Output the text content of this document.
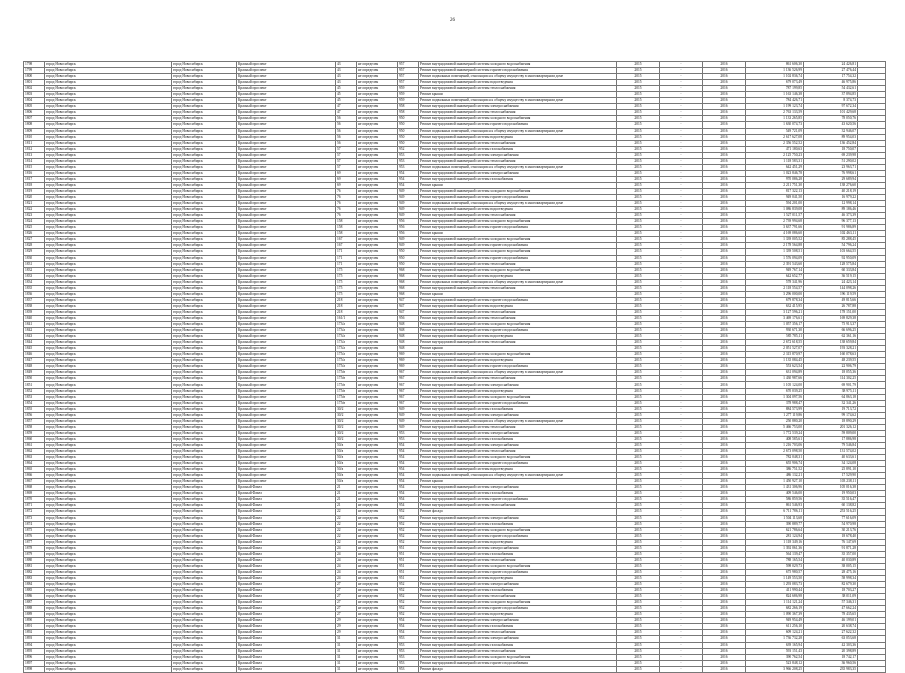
26
1798	город Новосибирск	город Новосибирск	Красный проспект	43	не определен	957	Ремонт внутридомовой инженерной системы холодного водоснабжения	2015	-	2016	861 606,30	24 426,81	
1799	город Новосибирск	город Новосибирск	Красный проспект	43	не определен	957	Ремонт внутридомовой инженерной системы горячего водоснабжения	2015	-	2016	1 136 526,99	27 476,44	
1800	город Новосибирск	город Новосибирск	Красный проспект	43	не определен	957	Ремонт подвальных помещений, относящихся к общему имуществу в многоквартирном доме	2015	-	2016	1 102 836,74	17 754,32	
1801	город Новосибирск	город Новосибирск	Красный проспект	43	не определен	957	Ремонт внутридомовой инженерной системы водоотведения	2015	-	2016	679 073,49	46 975,86	
1802	город Новосибирск	город Новосибирск	Красный проспект	45	не определен	959	Ремонт внутридомовой инженерной системы теплоснабжения	2015	-	2016	787 199,85	54 432,61	
1803	город Новосибирск	город Новосибирск	Красный проспект	45	не определен	959	Ремонт крыши	2015	-	2016	1 163 146,38	37 894,85	
1804	город Новосибирск	город Новосибирск	Красный проспект	45	не определен	959	Ремонт подвальных помещений, относящихся к общему имуществу в многоквартирном доме	2015	-	2016	784 426,71	8 374,73	
1805	город Новосибирск	город Новосибирск	Красный проспект	47	не определен	958	Ремонт внутридомовой инженерной системы электроснабжения	2015	-	2016	1 199 123,74	97 672,34	
1806	город Новосибирск	город Новосибирск	Красный проспект	47	не определен	958	Ремонт внутридомовой инженерной системы теплоснабжения	2015	-	2016	2 763 133,59	101 429,68	
1807	город Новосибирск	город Новосибирск	Красный проспект	56	не определен	950	Ремонт внутридомовой инженерной системы холодного водоснабжения	2015	-	2016	1 133 265,85	78 050,76	
1808	город Новосибирск	город Новосибирск	Красный проспект	56	не определен	950	Ремонт внутридомовой инженерной системы горячего водоснабжения	2015	-	2016	1 630 074,73	43 620,56	
1809	город Новосибирск	город Новосибирск	Красный проспект	56	не определен	950	Ремонт подвальных помещений, относящихся к общему имуществу в многоквартирном доме	2015	-	2016	549 721,09	32 946,07	
1810	город Новосибирск	город Новосибирск	Красный проспект	56	не определен	950	Ремонт внутридомовой инженерной системы водоотведения	2015	-	2016	2 617 627,08	89 954,03	
1811	город Новосибирск	город Новосибирск	Красный проспект	56	не определен	950	Ремонт внутридомовой инженерной системы теплоснабжения	2015	-	2016	2 356 552,52	136 452,84	
1812	город Новосибирск	город Новосибирск	Красный проспект	57	не определен	952	Ремонт внутридомовой инженерной системы газоснабжения	2015	-	2016	471 180,63	18 750,07	
1813	город Новосибирск	город Новосибирск	Красный проспект	57	не определен	953	Ремонт внутридомовой инженерной системы электроснабжения	2015	-	2016	2 125 750,23	69 239,98	
1814	город Новосибирск	город Новосибирск	Красный проспект	57	не определен	953	Ремонт внутридомовой инженерной системы теплоснабжения	2015	-	2016	1 118 583,31	51 290,02	
1815	город Новосибирск	город Новосибирск	Красный проспект	57	не определен	953	Ремонт подвальных помещений, относящихся к общему имуществу в многоквартирном доме	2015	-	2016	642 451,29	23 963,71	
1816	город Новосибирск	город Новосибирск	Красный проспект	69	не определен	954	Ремонт внутридомовой инженерной системы электроснабжения	2015	-	2016	1 023 846,78	76 998,61	
1817	город Новосибирск	город Новосибирск	Красный проспект	69	не определен	954	Ремонт внутридомовой инженерной системы газоснабжения	2015	-	2016	970 086,28	29 689,94	
1818	город Новосибирск	город Новосибирск	Красный проспект	69	не определен	954	Ремонт крыши	2015	-	2016	2 211 751,30	138 276,60	
1819	город Новосибирск	город Новосибирск	Красный проспект	76	не определен	949	Ремонт внутридомовой инженерной системы холодного водоснабжения	2015	-	2016	817 322,13	40 218,19	
1820	город Новосибирск	город Новосибирск	Красный проспект	76	не определен	949	Ремонт внутридомовой инженерной системы горячего водоснабжения	2015	-	2016	949 041,50	16 979,22	
1821	город Новосибирск	город Новосибирск	Красный проспект	76	не определен	949	Ремонт подвальных помещений, относящихся к общему имуществу в многоквартирном доме	2015	-	2016	594 201,00	12 998,14	
1822	город Новосибирск	город Новосибирск	Красный проспект	76	не определен	949	Ремонт внутридомовой инженерной системы водоотведения	2015	-	2016	1 086 839,08	89 186,46	
1823	город Новосибирск	город Новосибирск	Красный проспект	76	не определен	949	Ремонт внутридомовой инженерной системы теплоснабжения	2015	-	2016	1 527 011,57	46 373,39	
1824	город Новосибирск	город Новосибирск	Красный проспект	158	не определен	956	Ремонт внутридомовой инженерной системы холодного водоснабжения	2015	-	2016	2 739 994,68	96 377,13	
1825	город Новосибирск	город Новосибирск	Красный проспект	158	не определен	956	Ремонт внутридомовой инженерной системы горячего водоснабжения	2015	-	2016	3 637 791,66	91 986,89	
1826	город Новосибирск	город Новосибирск	Красный проспект	158	не определен	956	Ремонт крыши	2015	-	2016	4 169 086,60	102 463,11	
1827	город Новосибирск	город Новосибирск	Красный проспект	167	не определен	949	Ремонт внутридомовой инженерной системы холодного водоснабжения	2015	-	2016	1 339 005,52	85 288,45	
1828	город Новосибирск	город Новосибирск	Красный проспект	167	не определен	949	Ремонт внутридомовой инженерной системы горячего водоснабжения	2015	-	2016	2 178 564,88	54 796,24	
1829	город Новосибирск	город Новосибирск	Красный проспект	171	не определен	950	Ремонт внутридомовой инженерной системы холодного водоснабжения	2015	-	2016	1 339 508,51	103 664,55	
1830	город Новосибирск	город Новосибирск	Красный проспект	171	не определен	950	Ремонт внутридомовой инженерной системы горячего водоснабжения	2015	-	2016	1 576 094,09	92 950,09	
1831	город Новосибирск	город Новосибирск	Красный проспект	171	не определен	950	Ремонт внутридомовой инженерной системы теплоснабжения	2015	-	2016	2 391 543,60	128 575,84	
1832	город Новосибирск	город Новосибирск	Красный проспект	175	не определен	968	Ремонт внутридомовой инженерной системы холодного водоснабжения	2015	-	2016	949 767,14	60 333,84	
1833	город Новосибирск	город Новосибирск	Красный проспект	175	не определен	968	Ремонт внутридомовой инженерной системы водоотведения	2015	-	2016	642 652,77	36 519,15	
1834	город Новосибирск	город Новосибирск	Красный проспект	175	не определен	968	Ремонт подвальных помещений, относящихся к общему имуществу в многоквартирном доме	2015	-	2016	578 341,96	24 423,14	
1835	город Новосибирск	город Новосибирск	Красный проспект	175	не определен	968	Ремонт внутридомовой инженерной системы теплоснабжения	2015	-	2016	2 118 554,57	144 098,26	
1836	город Новосибирск	город Новосибирск	Красный проспект	175	не определен	968	Ремонт крыши	2015	-	2016	3 296 000,00	196 119,59	
1837	город Новосибирск	город Новосибирск	Красный проспект	218	не определен	947	Ремонт внутридомовой инженерной системы горячего водоснабжения	2015	-	2016	679 878,34	49 815,66	
1838	город Новосибирск	город Новосибирск	Красный проспект	218	не определен	947	Ремонт внутридомовой инженерной системы водоотведения	2015	-	2016	632 415,95	26 787,88	
1839	город Новосибирск	город Новосибирск	Красный проспект	218	не определен	947	Ремонт внутридомовой инженерной системы теплоснабжения	2015	-	2016	3 127 596,21	178 151,00	
1840	город Новосибирск	город Новосибирск	Красный проспект	161/1	не определен	956	Ремонт внутридомовой инженерной системы теплоснабжения	2015	-	2016	3 469 176,61	169 829,38	
1841	город Новосибирск	город Новосибирск	Красный проспект	173/а	не определен	948	Ремонт внутридомовой инженерной системы холодного водоснабжения	2015	-	2016	1 057 356,17	75 913,37	
1842	город Новосибирск	город Новосибирск	Красный проспект	173/а	не определен	948	Ремонт внутридомовой инженерной системы горячего водоснабжения	2015	-	2016	930 671,30	66 696,25	
1843	город Новосибирск	город Новосибирск	Красный проспект	173/а	не определен	948	Ремонт внутридомовой инженерной системы водоотведения	2015	-	2016	585 785,11	62 361,16	
1844	город Новосибирск	город Новосибирск	Красный проспект	173/а	не определен	948	Ремонт внутридомовой инженерной системы теплоснабжения	2015	-	2016	2 672 618,55	138 659,84	
1845	город Новосибирск	город Новосибирск	Красный проспект	173/а	не определен	948	Ремонт крыши	2015	-	2016	2 051 527,07	193 328,21	
1846	город Новосибирск	город Новосибирск	Красный проспект	175/а	не определен	969	Ремонт внутридомовой инженерной системы холодного водоснабжения	2015	-	2016	2 315 870,97	160 078,63	
1847	город Новосибирск	город Новосибирск	Красный проспект	175/а	не определен	969	Ремонт внутридомовой инженерной системы водоотведения	2015	-	2016	1 135 084,45	48 239,55	
1848	город Новосибирск	город Новосибирск	Красный проспект	175/а	не определен	969	Ремонт внутридомовой инженерной системы горячего водоснабжения	2015	-	2016	553 623,54	22 906,79	
1849	город Новосибирск	город Новосибирск	Красный проспект	175/в	не определен	967	Ремонт подвальных помещений, относящихся к общему имуществу в многоквартирном доме	2015	-	2016	631 094,89	18 055,36	
1850	город Новосибирск	город Новосибирск	Красный проспект	175/в	не определен	967	Ремонт внутридомовой инженерной системы теплоснабжения	2015	-	2016	1 430 987,66	114 302,25	
1851	город Новосибирск	город Новосибирск	Красный проспект	175/в	не определен	967	Ремонт внутридомовой инженерной системы электроснабжения	2015	-	2016	1 105 124,00	69 901,79	
1852	город Новосибирск	город Новосибирск	Красный проспект	175/в	не определен	967	Ремонт внутридомовой инженерной системы водоотведения	2015	-	2016	670 039,25	38 975,11	
1853	город Новосибирск	город Новосибирск	Красный проспект	175/в	не определен	967	Ремонт внутридомовой инженерной системы холодного водоснабжения	2015	-	2016	1 304 097,56	64 863,18	
1854	город Новосибирск	город Новосибирск	Красный проспект	175/в	не определен	967	Ремонт внутридомовой инженерной системы горячего водоснабжения	2015	-	2016	378 988,47	32 341,26	
1855	город Новосибирск	город Новосибирск	Красный проспект	30/2	не определен	949	Ремонт внутридомовой инженерной системы газоснабжения	2015	-	2016	884 573,99	19 713,72	
1856	город Новосибирск	город Новосибирск	Красный проспект	30/2	не определен	949	Ремонт внутридомовой инженерной системы электроснабжения	2015	-	2016	1 277 119,86	99 174,62	
1857	город Новосибирск	город Новосибирск	Красный проспект	30/2	не определен	949	Ремонт подвальных помещений, относящихся к общему имуществу в многоквартирном доме	2015	-	2016	250 880,20	18 890,29	
1858	город Новосибирск	город Новосибирск	Красный проспект	30/2	не определен	949	Ремонт внутридомовой инженерной системы теплоснабжения	2015	-	2016	5 466 753,00	201 326,12	
1859	город Новосибирск	город Новосибирск	Красный проспект	30/2	не определен	953	Ремонт внутридомовой инженерной системы электроснабжения	2015	-	2016	1 772 539,24	59 809,00	
1860	город Новосибирск	город Новосибирск	Красный проспект	30/2	не определен	953	Ремонт внутридомовой инженерной системы газоснабжения	2015	-	2016	408 585,61	17 886,98	
1861	город Новосибирск	город Новосибирск	Красный проспект	50/а	не определен	954	Ремонт внутридомовой инженерной системы электроснабжения	2015	-	2016	1 216 703,06	79 546,84	
1862	город Новосибирск	город Новосибирск	Красный проспект	50/а	не определен	954	Ремонт внутридомовой инженерной системы теплоснабжения	2015	-	2016	2 673 098,50	131 574,02	
1863	город Новосибирск	город Новосибирск	Красный проспект	50/а	не определен	954	Ремонт внутридомовой инженерной системы холодного водоснабжения	2015	-	2016	782 048,31	40 633,61	
1864	город Новосибирск	город Новосибирск	Красный проспект	50/а	не определен	954	Ремонт внутридомовой инженерной системы горячего водоснабжения	2015	-	2016	655 906,74	34 124,08	
1865	город Новосибирск	город Новосибирск	Красный проспект	50/а	не определен	954	Ремонт внутридомовой инженерной системы водоотведения	2015	-	2016	386 751,52	25 891,10	
1866	город Новосибирск	город Новосибирск	Красный проспект	50/а	не определен	954	Ремонт подвальных помещений, относящихся к общему имуществу в многоквартирном доме	2015	-	2016	486 132,21	17 529,90	
1867	город Новосибирск	город Новосибирск	Красный проспект	50/а	не определен	954	Ремонт крыши	2015	-	2016	1 450 927,10	103 238,11	
1868	город Новосибирск	город Новосибирск	Красный Факел	21	не определен	954	Ремонт внутридомовой инженерной системы электроснабжения	2015	-	2016	1 431 306,96	105 016,38	
1869	город Новосибирск	город Новосибирск	Красный Факел	21	не определен	954	Ремонт внутридомовой инженерной системы газоснабжения	2015	-	2016	409 546,00	19 950,03	
1870	город Новосибирск	город Новосибирск	Красный Факел	21	не определен	954	Ремонт внутридомовой инженерной системы горячего водоснабжения	2015	-	2016	586 859,56	35 516,47	
1871	город Новосибирск	город Новосибирск	Красный Факел	21	не определен	954	Ремонт внутридомовой инженерной системы теплоснабжения	2015	-	2016	861 546,93	60 138,82	
1872	город Новосибирск	город Новосибирск	Красный Факел	22	не определен	952	Ремонт фасада	2015	-	2016	6 711 786,11	253 516,25	
1873	город Новосибирск	город Новосибирск	Красный Факел	22	не определен	952	Ремонт внутридомовой инженерной системы электроснабжения	2015	-	2016	1 504 113,68	77 616,09	
1874	город Новосибирск	город Новосибирск	Красный Факел	22	не определен	952	Ремонт внутридомовой инженерной системы газоснабжения	2015	-	2016	390 889,77	54 970,98	
1875	город Новосибирск	город Новосибирск	Красный Факел	22	не определен	952	Ремонт внутридомовой инженерной системы холодного водоснабжения	2015	-	2016	621 786,64	30 213,76	
1876	город Новосибирск	город Новосибирск	Красный Факел	22	не определен	952	Ремонт внутридомовой инженерной системы горячего водоснабжения	2015	-	2016	281 124,94	18 678,40	
1877	город Новосибирск	город Новосибирск	Красный Факел	22	не определен	952	Ремонт внутридомовой инженерной системы водоотведения	2015	-	2016	1 118 349,16	76 147,69	
1878	город Новосибирск	город Новосибирск	Красный Факел	24	не определен	951	Ремонт внутридомовой инженерной системы электроснабжения	2015	-	2016	1 392 061,36	91 871,28	
1879	город Новосибирск	город Новосибирск	Красный Факел	24	не определен	951	Ремонт внутридомовой инженерной системы газоснабжения	2015	-	2016	564 139,47	35 357,00	
1880	город Новосибирск	город Новосибирск	Красный Факел	24	не определен	951	Ремонт внутридомовой инженерной системы теплоснабжения	2015	-	2016	788 165,54	40 030,89	
1881	город Новосибирск	город Новосибирск	Красный Факел	24	не определен	951	Ремонт внутридомовой инженерной системы холодного водоснабжения	2015	-	2016	598 029,73	38 005,15	
1882	город Новосибирск	город Новосибирск	Красный Факел	24	не определен	951	Ремонт внутридомовой инженерной системы горячего водоснабжения	2015	-	2016	675 980,57	28 475,16	
1883	город Новосибирск	город Новосибирск	Красный Факел	24	не определен	951	Ремонт внутридомовой инженерной системы водоотведения	2015	-	2016	1 149 553,50	58 998,34	
1884	город Новосибирск	город Новосибирск	Красный Факел	27	не определен	952	Ремонт внутридомовой инженерной системы электроснабжения	2015	-	2016	1 293 083,73	82 679,30	
1885	город Новосибирск	город Новосибирск	Красный Факел	27	не определен	952	Ремонт внутридомовой инженерной системы газоснабжения	2015	-	2016	411 990,44	18 703,27	
1886	город Новосибирск	город Новосибирск	Красный Факел	27	не определен	952	Ремонт внутридомовой инженерной системы теплоснабжения	2015	-	2016	824 686,98	38 011,09	
1887	город Новосибирск	город Новосибирск	Красный Факел	27	не определен	952	Ремонт внутридомовой инженерной системы холодного водоснабжения	2015	-	2016	1 114 121,24	57 346,31	
1888	город Новосибирск	город Новосибирск	Красный Факел	27	не определен	952	Ремонт внутридомовой инженерной системы горячего водоснабжения	2015	-	2016	682 266,19	47 662,24	
1889	город Новосибирск	город Новосибирск	Красный Факел	27	не определен	952	Ремонт внутридомовой инженерной системы водоотведения	2015	-	2016	1 090 367,39	78 435,65	
1890	город Новосибирск	город Новосибирск	Красный Факел	29	не определен	954	Ремонт внутридомовой инженерной системы электроснабжения	2015	-	2016	949 954,49	46 199,01	
1891	город Новосибирск	город Новосибирск	Красный Факел	29	не определен	954	Ремонт внутридомовой инженерной системы газоснабжения	2015	-	2016	611 256,10	20 638,74	
1892	город Новосибирск	город Новосибирск	Красный Факел	29	не определен	954	Ремонт внутридомовой инженерной системы теплоснабжения	2015	-	2016	609 124,21	27 622,32	
1893	город Новосибирск	город Новосибирск	Красный Факел	31	не определен	953	Ремонт внутридомовой инженерной системы электроснабжения	2015	-	2016	1 736 732,28	63 053,68	
1894	город Новосибирск	город Новосибирск	Красный Факел	31	не определен	953	Ремонт внутридомовой инженерной системы газоснабжения	2015	-	2016	639 165,94	42 303,36	
1895	город Новосибирск	город Новосибирск	Красный Факел	31	не определен	953	Ремонт внутридомовой инженерной системы теплоснабжения	2015	-	2016	593 151,43	20 398,89	
1896	город Новосибирск	город Новосибирск	Красный Факел	31	не определен	953	Ремонт внутридомовой инженерной системы холодного водоснабжения	2015	-	2016	390 762,54	18 742,17	
1897	город Новосибирск	город Новосибирск	Красный Факел	31	не определен	953	Ремонт внутридомовой инженерной системы горячего водоснабжения	2015	-	2016	523 848,12	36 960,56	
1898	город Новосибирск	город Новосибирск	Красный Факел	31	не определен	953	Ремонт фасада	2015	-	2016	3 966 208,25	235 983,35	
